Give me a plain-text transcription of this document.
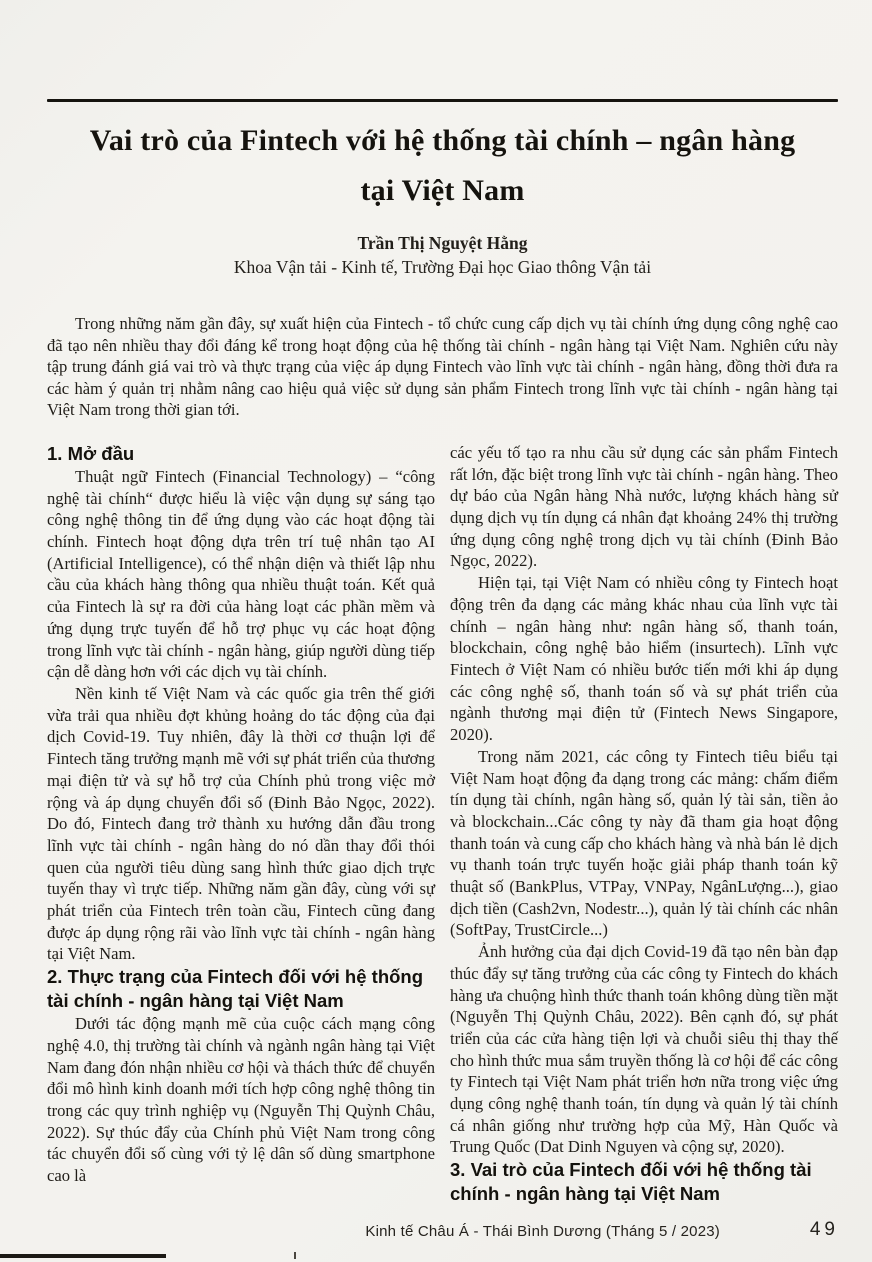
Vai trò của Fintech với hệ thống tài chính – ngân hàng
tại Việt Nam
Trần Thị Nguyệt Hằng
Khoa Vận tải - Kinh tế, Trường Đại học Giao thông Vận tải
Trong những năm gần đây, sự xuất hiện của Fintech - tổ chức cung cấp dịch vụ tài chính ứng dụng công nghệ cao đã tạo nên nhiều thay đổi đáng kể trong hoạt động của hệ thống tài chính - ngân hàng tại Việt Nam. Nghiên cứu này tập trung đánh giá vai trò và thực trạng của việc áp dụng Fintech vào lĩnh vực tài chính - ngân hàng, đồng thời đưa ra các hàm ý quản trị nhằm nâng cao hiệu quả việc sử dụng sản phẩm Fintech trong lĩnh vực tài chính - ngân hàng tại Việt Nam trong thời gian tới.
1. Mở đầu

Thuật ngữ Fintech (Financial Technology) – “công nghệ tài chính“ được hiểu là việc vận dụng sự sáng tạo công nghệ thông tin để ứng dụng vào các hoạt động tài chính. Fintech hoạt động dựa trên trí tuệ nhân tạo AI (Artificial Intelligence), có thể nhận diện và thiết lập nhu cầu của khách hàng thông qua nhiều thuật toán. Kết quả của Fintech là sự ra đời của hàng loạt các phần mềm và ứng dụng trực tuyến để hỗ trợ phục vụ các hoạt động trong lĩnh vực tài chính - ngân hàng, giúp người dùng tiếp cận dễ dàng hơn với các dịch vụ tài chính.

Nền kinh tế Việt Nam và các quốc gia trên thế giới vừa trải qua nhiều đợt khủng hoảng do tác động của đại dịch Covid-19. Tuy nhiên, đây là thời cơ thuận lợi để Fintech tăng trưởng mạnh mẽ với sự phát triển của thương mại điện tử và sự hỗ trợ của Chính phủ trong việc mở rộng và áp dụng chuyển đổi số (Đinh Bảo Ngọc, 2022). Do đó, Fintech đang trở thành xu hướng dẫn đầu trong lĩnh vực tài chính - ngân hàng do nó dần thay đổi thói quen của người tiêu dùng sang hình thức giao dịch trực tuyến thay vì trực tiếp. Những năm gần đây, cùng với sự phát triển của Fintech trên toàn cầu, Fintech cũng đang được áp dụng rộng rãi vào lĩnh vực tài chính - ngân hàng tại Việt Nam.

2. Thực trạng của Fintech đối với hệ thống tài chính - ngân hàng tại Việt Nam

Dưới tác động mạnh mẽ của cuộc cách mạng công nghệ 4.0, thị trường tài chính và ngành ngân hàng tại Việt Nam đang đón nhận nhiều cơ hội và thách thức để chuyển đổi mô hình kinh doanh mới tích hợp công nghệ thông tin trong các quy trình nghiệp vụ (Nguyễn Thị Quỳnh Châu, 2022). Sự thúc đẩy của Chính phủ Việt Nam trong công tác chuyển đổi số cùng với tỷ lệ dân số dùng smartphone cao là

các yếu tố tạo ra nhu cầu sử dụng các sản phẩm Fintech rất lớn, đặc biệt trong lĩnh vực tài chính - ngân hàng. Theo dự báo của Ngân hàng Nhà nước, lượng khách hàng sử dụng dịch vụ tín dụng cá nhân đạt khoảng 24% thị trường ứng dụng công nghệ trong dịch vụ tài chính (Đinh Bảo Ngọc, 2022).

Hiện tại, tại Việt Nam có nhiều công ty Fintech hoạt động trên đa dạng các mảng khác nhau của lĩnh vực tài chính – ngân hàng như: ngân hàng số, thanh toán, blockchain, công nghệ bảo hiểm (insurtech). Lĩnh vực Fintech ở Việt Nam có nhiều bước tiến mới khi áp dụng các công nghệ số, thanh toán số và sự phát triển của ngành thương mại điện tử (Fintech News Singapore, 2020).

Trong năm 2021, các công ty Fintech tiêu biểu tại Việt Nam hoạt động đa dạng trong các mảng: chấm điểm tín dụng tài chính, ngân hàng số, quản lý tài sản, tiền ảo và blockchain...Các công ty này đã tham gia hoạt động thanh toán và cung cấp cho khách hàng và nhà bán lẻ dịch vụ thanh toán trực tuyến hoặc giải pháp thanh toán kỹ thuật số (BankPlus, VTPay, VNPay, NgânLượng...), giao dịch tiền (Cash2vn, Nodestr...), quản lý tài chính các nhân (SoftPay, TrustCircle...)

Ảnh hưởng của đại dịch Covid-19 đã tạo nên bàn đạp thúc đẩy sự tăng trưởng của các công ty Fintech do khách hàng ưa chuộng hình thức thanh toán không dùng tiền mặt (Nguyễn Thị Quỳnh Châu, 2022). Bên cạnh đó, sự phát triển của các cửa hàng tiện lợi và chuỗi siêu thị thay thế cho hình thức mua sắm truyền thống là cơ hội để các công ty Fintech tại Việt Nam phát triển hơn nữa trong việc ứng dụng công nghệ thanh toán, tín dụng và quản lý tài chính cá nhân giống như trường hợp của Mỹ, Hàn Quốc và Trung Quốc (Dat Dinh Nguyen và cộng sự, 2020).

3. Vai trò của Fintech đối với hệ thống tài chính - ngân hàng tại Việt Nam
Kinh tế Châu Á - Thái Bình Dương (Tháng 5 / 2023)	49
